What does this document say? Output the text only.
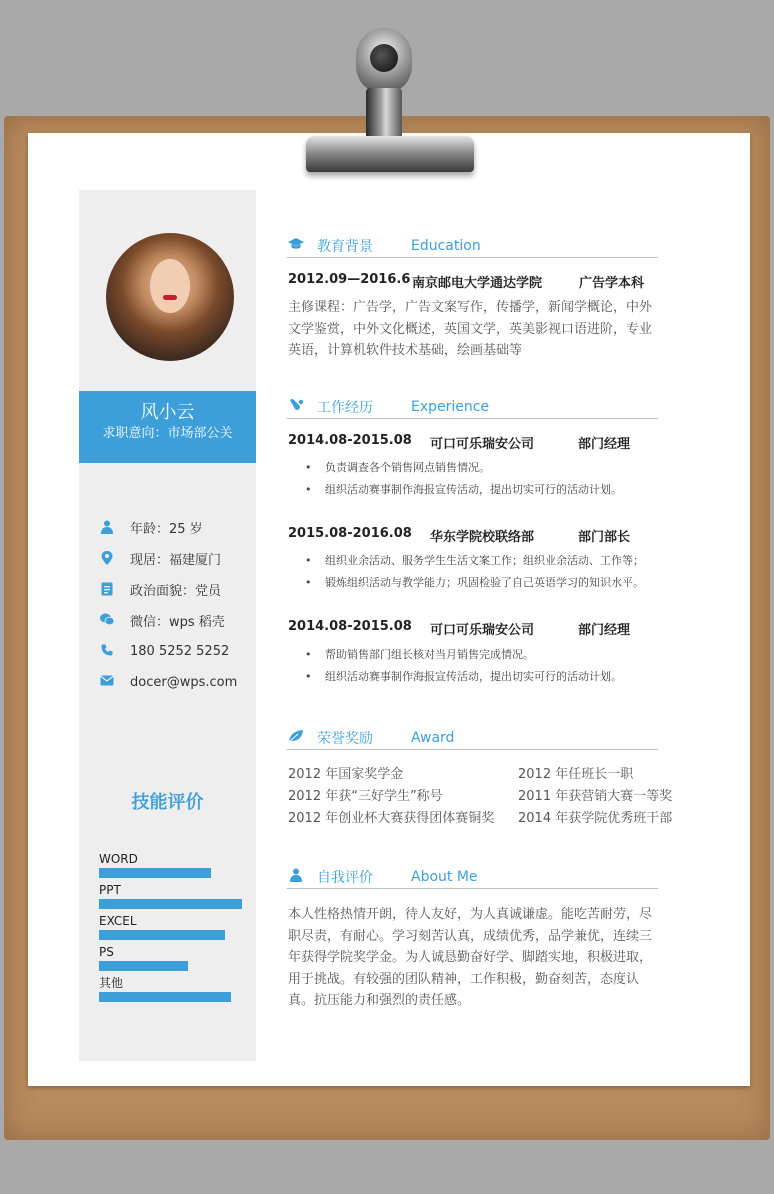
风小云
求职意向：市场部公关
年龄：25 岁
现居：福建厦门
政治面貌：党员
微信：wps 稻壳
180 5252 5252
docer@wps.com
技能评价
WORD
PPT
EXCEL
PS
其他
教育背景	Education
2012.09—2016.6 南京邮电大学通达学院	广告学本科
主修课程：广告学，广告文案写作，传播学，新闻学概论，中外文学鉴赏，中外文化概述，英国文学，英美影视口语进阶，专业英语，计算机软件技术基础，绘画基础等
工作经历	Experience
2014.08-2015.08 可口可乐瑞安公司	部门经理
• 负责调查各个销售网点销售情况。
• 组织活动赛事制作海报宣传活动，提出切实可行的活动计划。
2015.08-2016.08 华东学院校联络部	部门部长
• 组织业余活动、服务学生生活文案工作；组织业余活动、工作等；
• 锻炼组织活动与教学能力；巩固检验了自己英语学习的知识水平。
2014.08-2015.08 可口可乐瑞安公司	部门经理
• 帮助销售部门组长核对当月销售完成情况。
• 组织活动赛事制作海报宣传活动，提出切实可行的活动计划。
荣誉奖励	Award
2012 年国家奖学金	2012 年任班长一职
2012 年获“三好学生”称号	2011 年获营销大赛一等奖
2012 年创业杯大赛获得团体赛铜奖 2014 年获学院优秀班干部
自我评价	About Me
本人性格热情开朗，待人友好，为人真诚谦虚。能吃苦耐劳，尽职尽责，有耐心。学习刻苦认真，成绩优秀，品学兼优，连续三年获得学院奖学金。为人诚恳勤奋好学、脚踏实地，积极进取，用于挑战。有较强的团队精神，工作积极，勤奋刻苦，态度认真。抗压能力和强烈的责任感。
